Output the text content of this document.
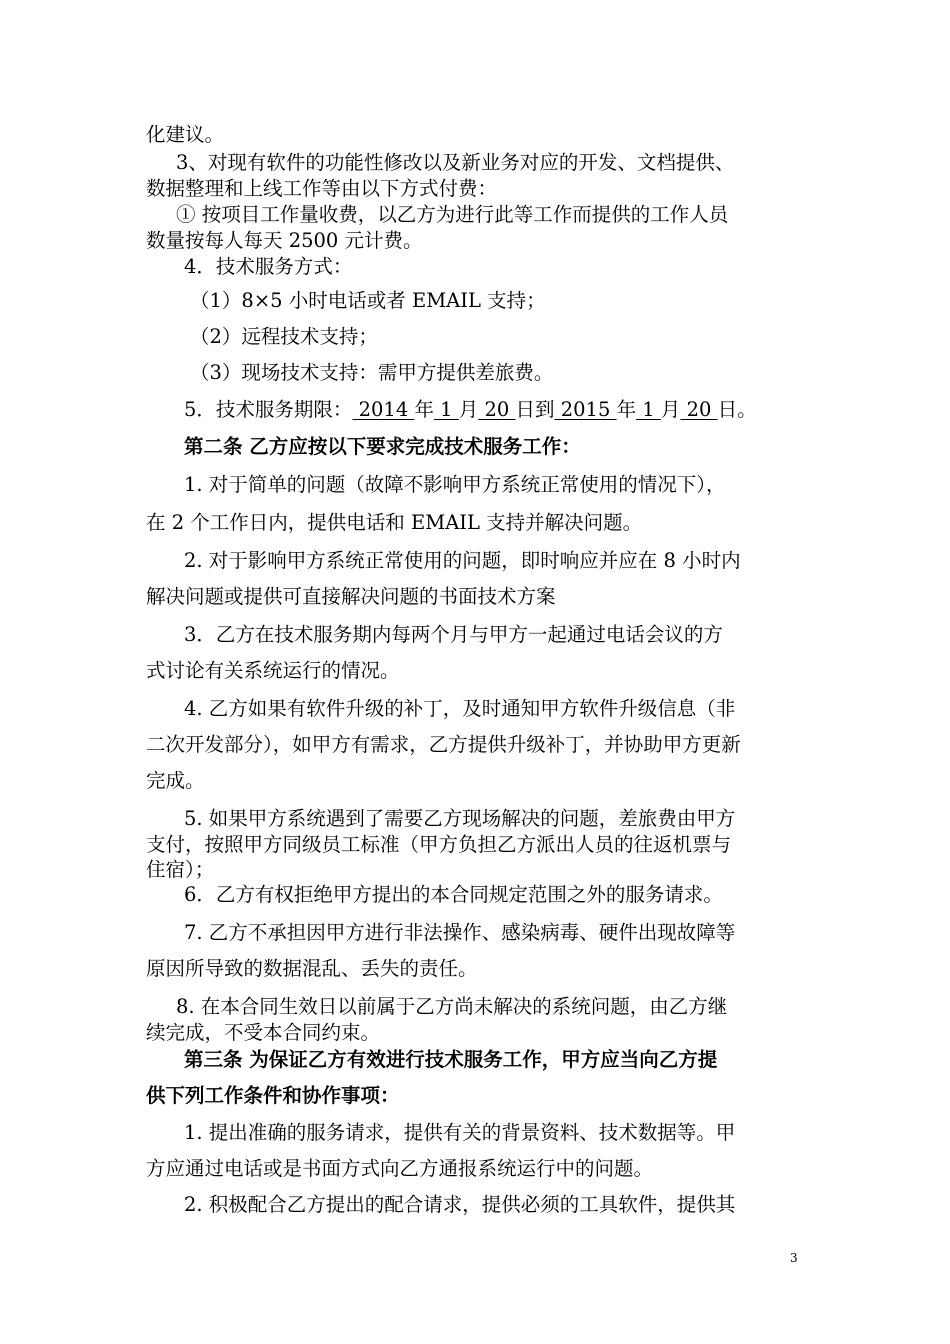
化建议。
3、对现有软件的功能性修改以及新业务对应的开发、文档提供、
数据整理和上线工作等由以下方式付费：
① 按项目工作量收费，以乙方为进行此等工作而提供的工作人员
数量按每人每天 2500 元计费。
4．技术服务方式：
（1）8×5 小时电话或者 EMAIL 支持；
（2）远程技术支持；
（3）现场技术支持：需甲方提供差旅费。
5．技术服务期限： 2014 年 1 月 20 日到 2015 年 1 月 20 日。
第二条 乙方应按以下要求完成技术服务工作：
1. 对于简单的问题（故障不影响甲方系统正常使用的情况下），
在 2 个工作日内，提供电话和 EMAIL 支持并解决问题。
2. 对于影响甲方系统正常使用的问题，即时响应并应在 8 小时内
解决问题或提供可直接解决问题的书面技术方案
3．乙方在技术服务期内每两个月与甲方一起通过电话会议的方
式讨论有关系统运行的情况。
4. 乙方如果有软件升级的补丁，及时通知甲方软件升级信息（非
二次开发部分），如甲方有需求，乙方提供升级补丁，并协助甲方更新
完成。
5. 如果甲方系统遇到了需要乙方现场解决的问题，差旅费由甲方
支付，按照甲方同级员工标准（甲方负担乙方派出人员的往返机票与
住宿）；
6．乙方有权拒绝甲方提出的本合同规定范围之外的服务请求。
7. 乙方不承担因甲方进行非法操作、感染病毒、硬件出现故障等
原因所导致的数据混乱、丢失的责任。
8. 在本合同生效日以前属于乙方尚未解决的系统问题，由乙方继
续完成，不受本合同约束。
第三条 为保证乙方有效进行技术服务工作，甲方应当向乙方提
供下列工作条件和协作事项：
1. 提出准确的服务请求，提供有关的背景资料、技术数据等。甲
方应通过电话或是书面方式向乙方通报系统运行中的问题。
2. 积极配合乙方提出的配合请求，提供必须的工具软件，提供其
3
